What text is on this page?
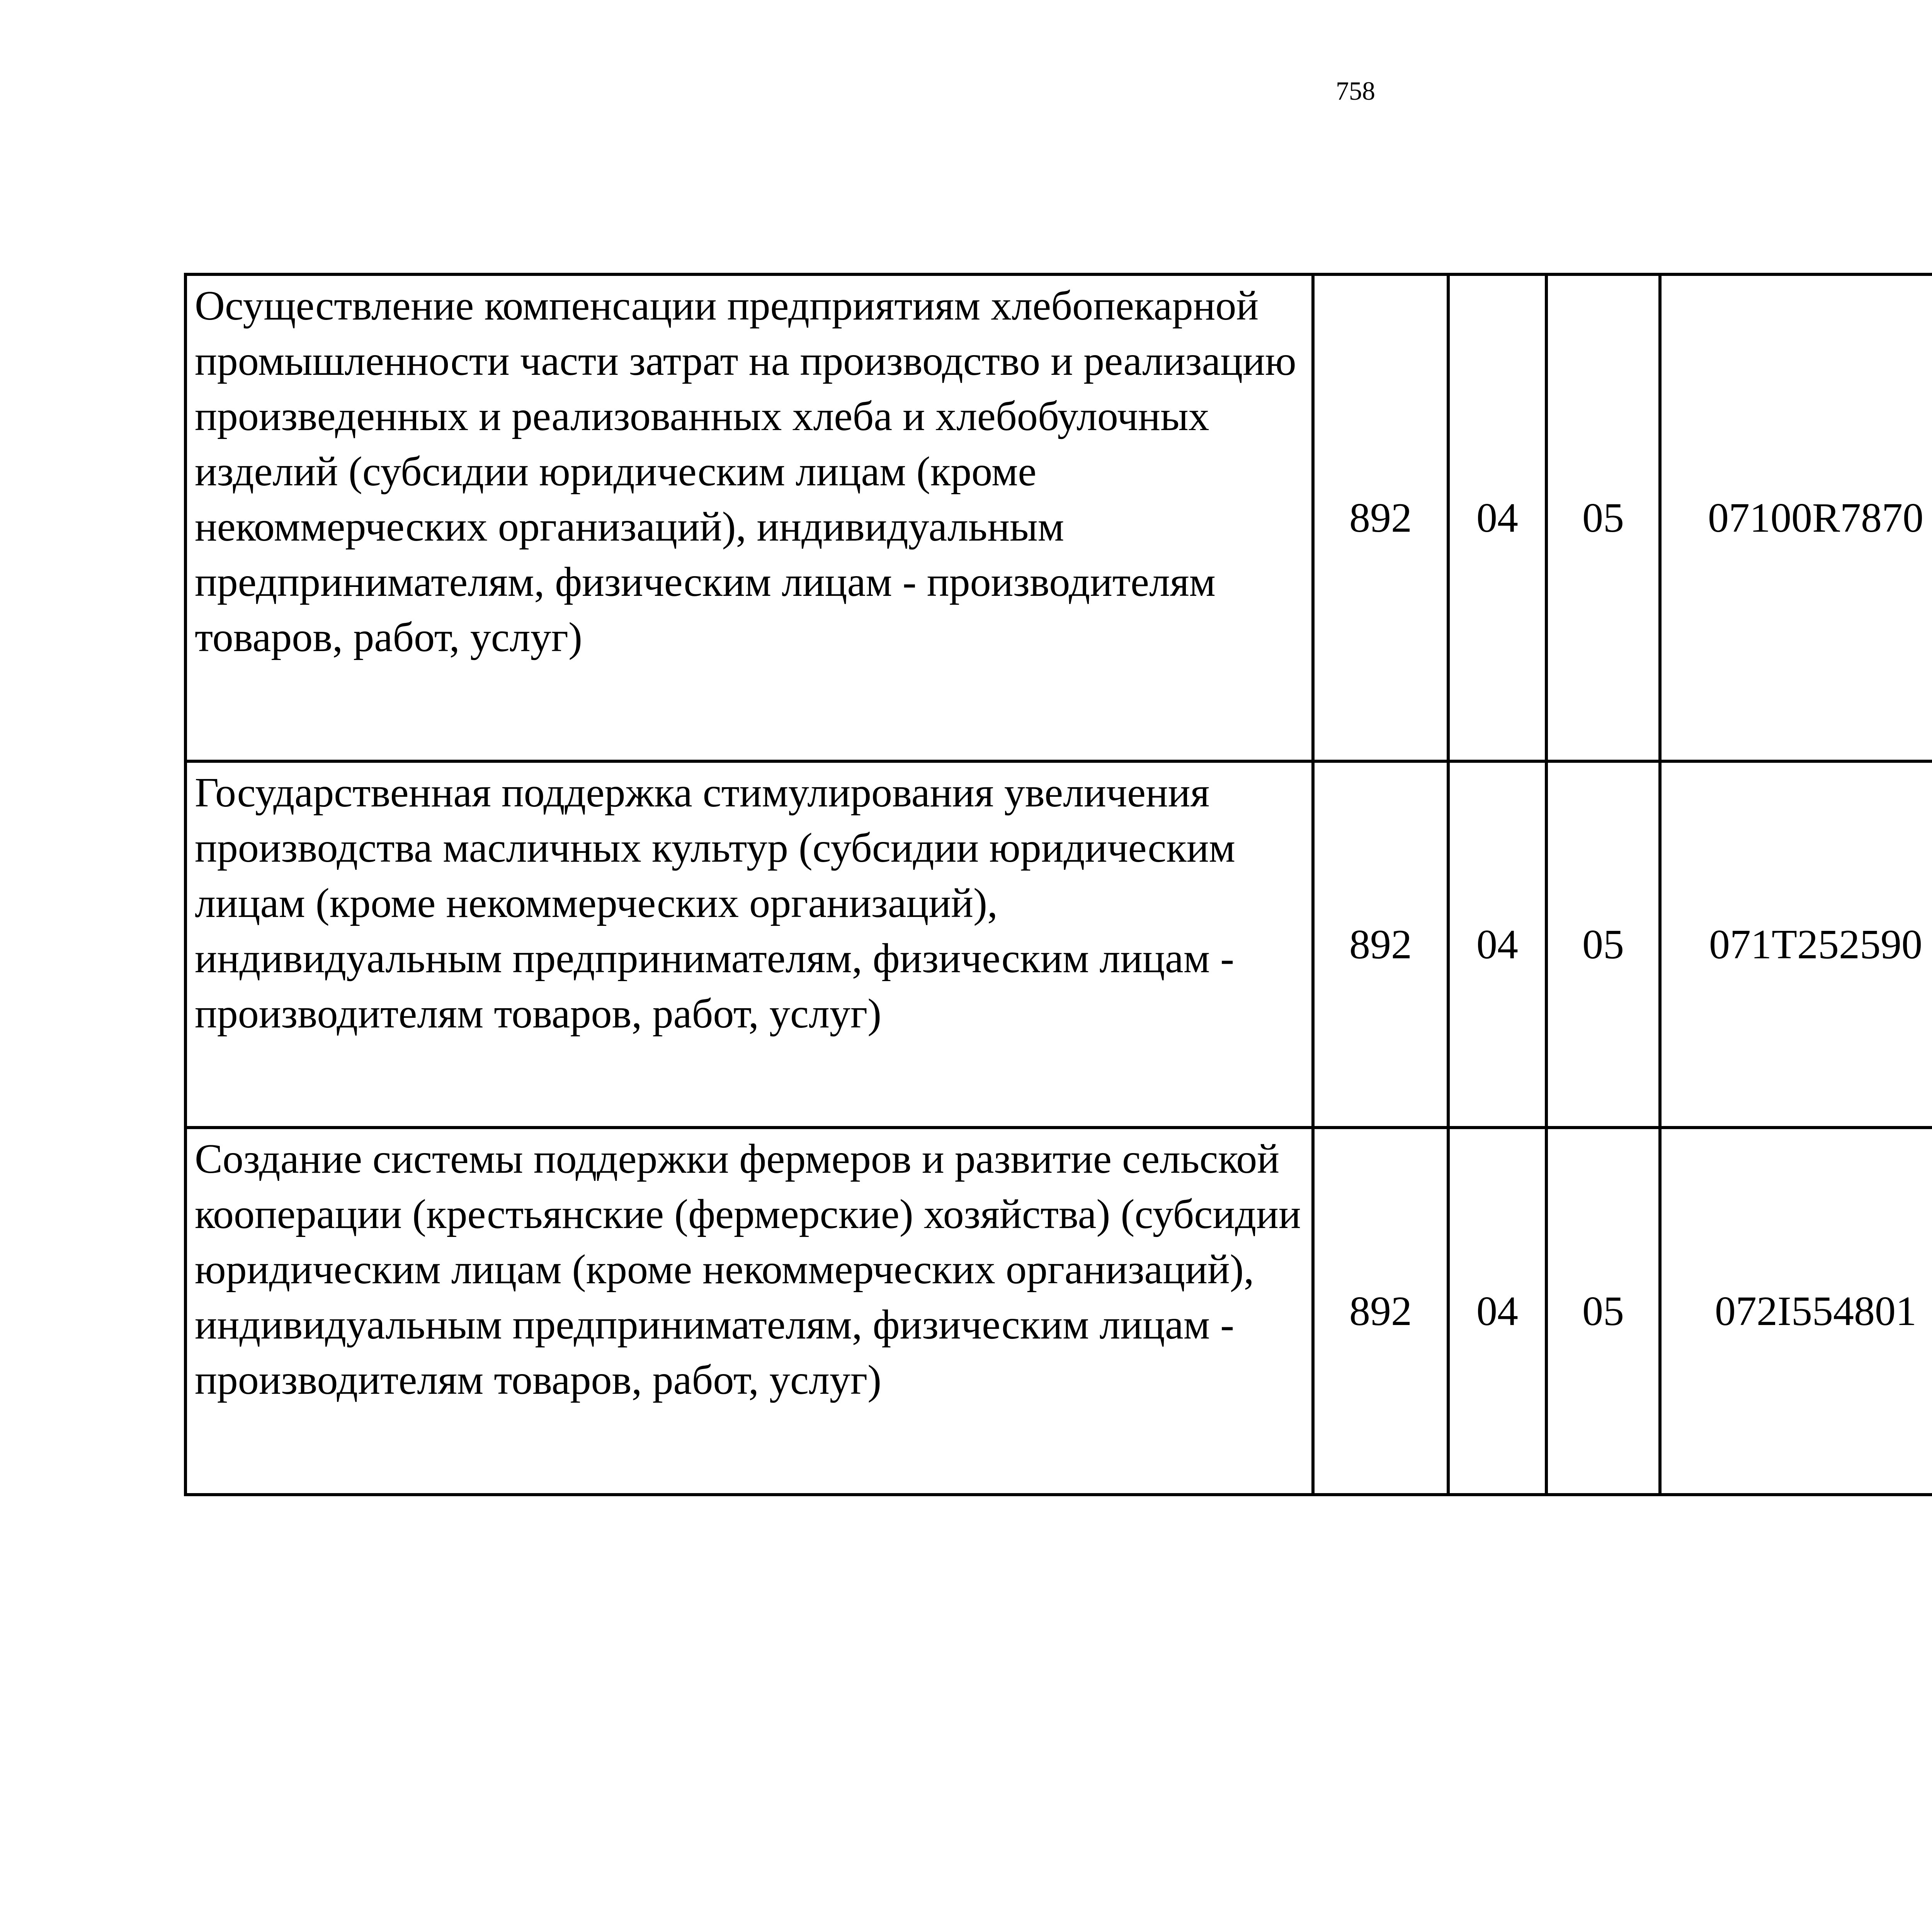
758
Осуществление компенсации предприятиям хлебопекарной промышленности части затрат на производство и реализацию произведенных и реализованных хлеба и хлебобулочных изделий (субсидии юридическим лицам (кроме некоммерческих организаций), индивидуальным предпринимателям, физическим лицам - производителям товаров, работ, услуг)	892	04	05	07100R7870		
Государственная поддержка стимулирования увеличения производства масличных культур (субсидии юридическим лицам (кроме некоммерческих организаций), индивидуальным предпринимателям, физическим лицам - производителям товаров, работ, услуг)	892	04	05	071T252590		
Создание системы поддержки фермеров и развитие сельской кооперации (крестьянские (фермерские) хозяйства) (субсидии юридическим лицам (кроме некоммерческих организаций), индивидуальным предпринимателям, физическим лицам - производителям товаров, работ, услуг)	892	04	05	072I554801		
